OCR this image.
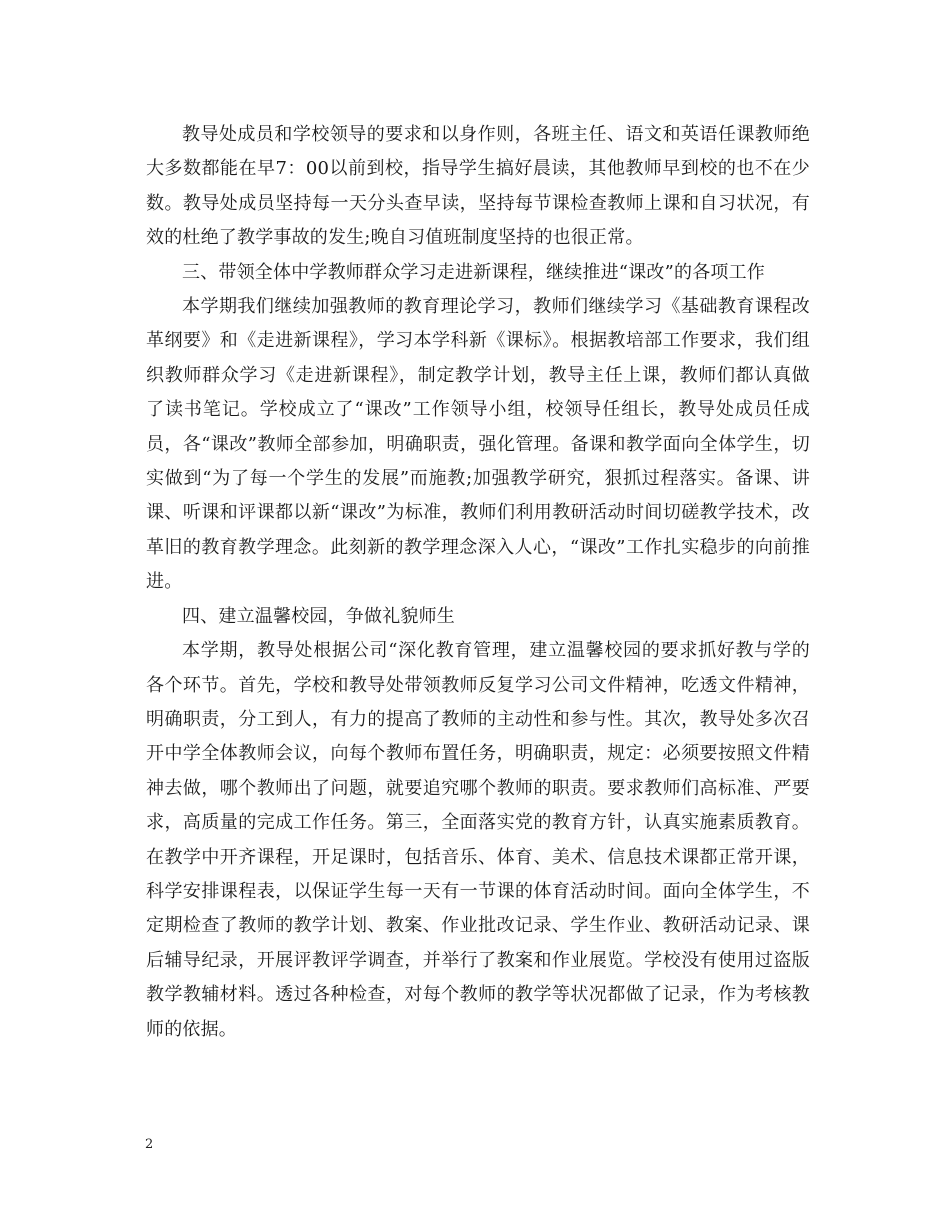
教导处成员和学校领导的要求和以身作则，各班主任、语文和英语任课教师绝大多数都能在早7：00以前到校，指导学生搞好晨读，其他教师早到校的也不在少数。教导处成员坚持每一天分头查早读，坚持每节课检查教师上课和自习状况，有效的杜绝了教学事故的发生;晚自习值班制度坚持的也很正常。

三、带领全体中学教师群众学习走进新课程，继续推进“课改”的各项工作

本学期我们继续加强教师的教育理论学习，教师们继续学习《基础教育课程改革纲要》和《走进新课程》，学习本学科新《课标》。根据教培部工作要求，我们组织教师群众学习《走进新课程》，制定教学计划，教导主任上课，教师们都认真做了读书笔记。学校成立了“课改”工作领导小组，校领导任组长，教导处成员任成员，各“课改”教师全部参加，明确职责，强化管理。备课和教学面向全体学生，切实做到“为了每一个学生的发展”而施教;加强教学研究，狠抓过程落实。备课、讲课、听课和评课都以新“课改”为标准，教师们利用教研活动时间切磋教学技术，改革旧的教育教学理念。此刻新的教学理念深入人心，“课改”工作扎实稳步的向前推进。

四、建立温馨校园，争做礼貌师生

本学期，教导处根据公司“深化教育管理，建立温馨校园的要求抓好教与学的各个环节。首先，学校和教导处带领教师反复学习公司文件精神，吃透文件精神，明确职责，分工到人，有力的提高了教师的主动性和参与性。其次，教导处多次召开中学全体教师会议，向每个教师布置任务，明确职责，规定：必须要按照文件精神去做，哪个教师出了问题，就要追究哪个教师的职责。要求教师们高标准、严要求，高质量的完成工作任务。第三，全面落实党的教育方针，认真实施素质教育。在教学中开齐课程，开足课时，包括音乐、体育、美术、信息技术课都正常开课，科学安排课程表，以保证学生每一天有一节课的体育活动时间。面向全体学生，不定期检查了教师的教学计划、教案、作业批改记录、学生作业、教研活动记录、课后辅导纪录，开展评教评学调查，并举行了教案和作业展览。学校没有使用过盗版教学教辅材料。透过各种检查，对每个教师的教学等状况都做了记录，作为考核教师的依据。

2
